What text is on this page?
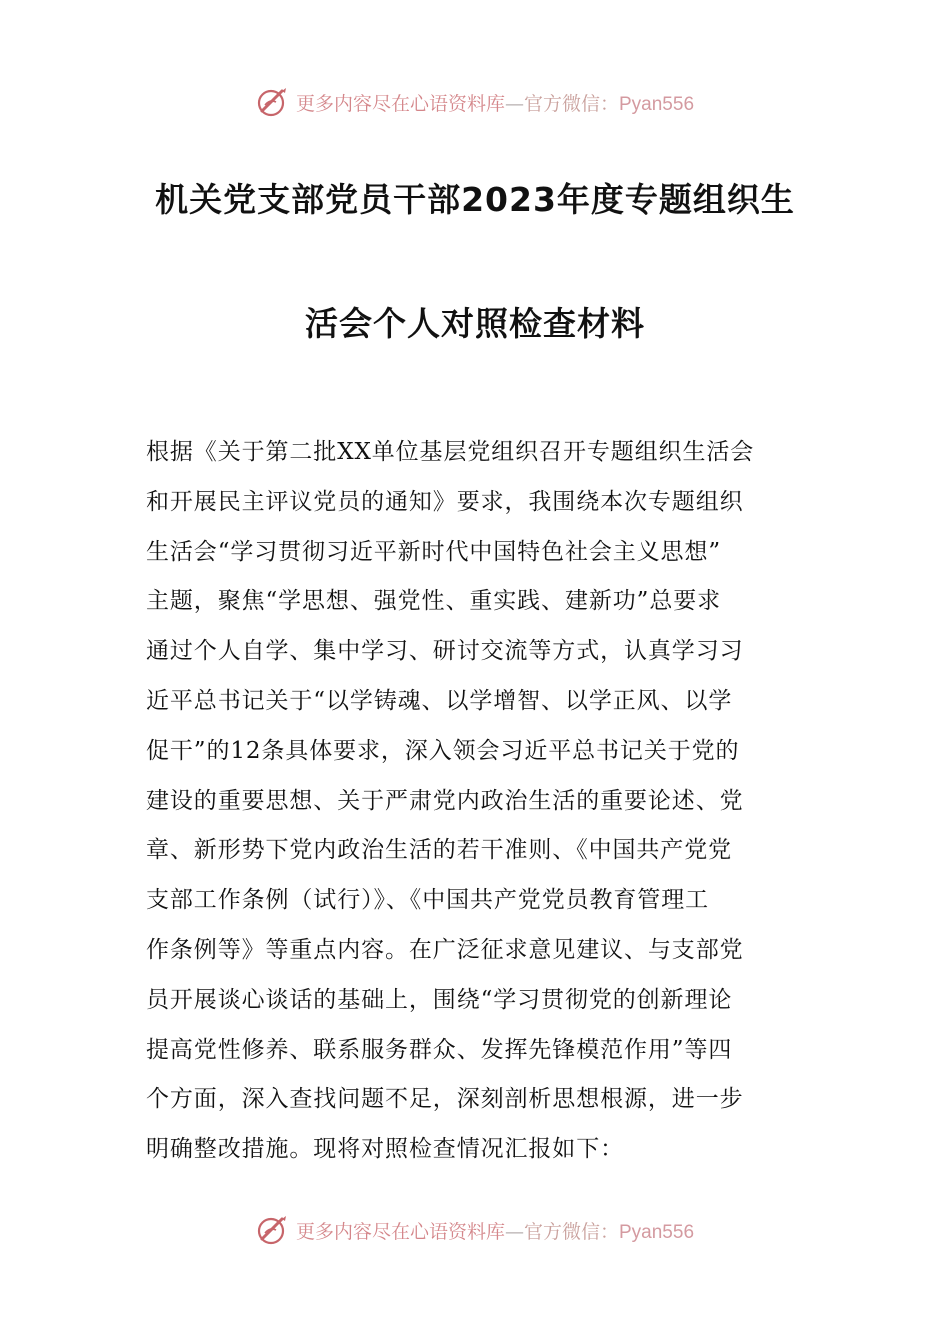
更多内容尽在心语资料库—官方微信：Pyan556
机关党支部党员干部2023年度专题组织生
活会个人对照检查材料
根据《关于第二批XX单位基层党组织召开专题组织生活会
和开展民主评议党员的通知》要求，我围绕本次专题组织
生活会“学习贯彻习近平新时代中国特色社会主义思想”
主题，聚焦“学思想、强党性、重实践、建新功”总要求
通过个人自学、集中学习、研讨交流等方式，认真学习习
近平总书记关于“以学铸魂、以学增智、以学正风、以学
促干”的12条具体要求，深入领会习近平总书记关于党的
建设的重要思想、关于严肃党内政治生活的重要论述、党
章、新形势下党内政治生活的若干准则、《中国共产党党
支部工作条例（试行）》、《中国共产党党员教育管理工
作条例等》等重点内容。在广泛征求意见建议、与支部党
员开展谈心谈话的基础上，围绕“学习贯彻党的创新理论
提高党性修养、联系服务群众、发挥先锋模范作用”等四
个方面，深入查找问题不足，深刻剖析思想根源，进一步
明确整改措施。现将对照检查情况汇报如下：
更多内容尽在心语资料库—官方微信：Pyan556
